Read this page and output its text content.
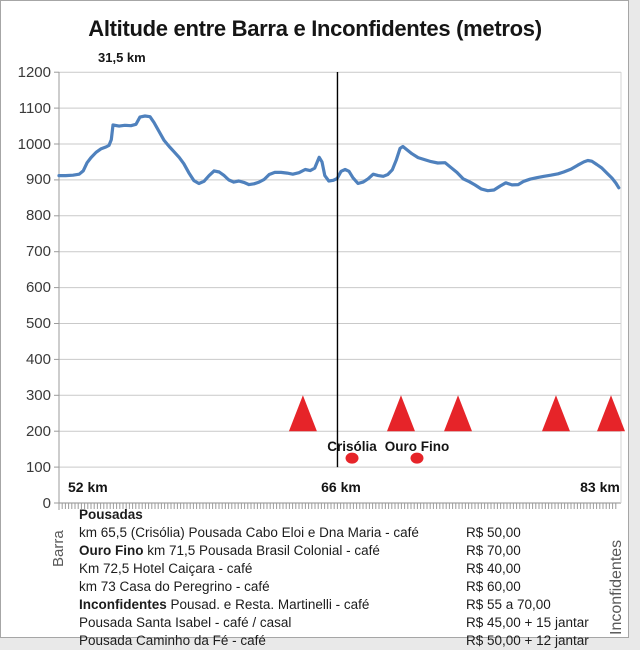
Altitude entre Barra e Inconfidentes (metros)
31,5 km
0
100
200
300
400
500
600
700
800
900
1000
1100
1200
52 km	66 km	83 km
Crisólia Ouro Fino
Barra	Inconfidentes
Pousadas
km 65,5 (Crisólia) Pousada Cabo Eloi e Dna Maria - café	R$ 50,00
Ouro Fino km 71,5 Pousada Brasil Colonial - café	R$ 70,00
Km 72,5 Hotel Caiçara - café	R$ 40,00
km 73 Casa do Peregrino - café	R$ 60,00
Inconfidentes Pousad. e Resta. Martinelli - café	R$ 55 a 70,00
Pousada Santa Isabel - café / casal	R$ 45,00 + 15 jantar
Pousada Caminho da Fé - café	R$ 50,00 + 12 jantar
